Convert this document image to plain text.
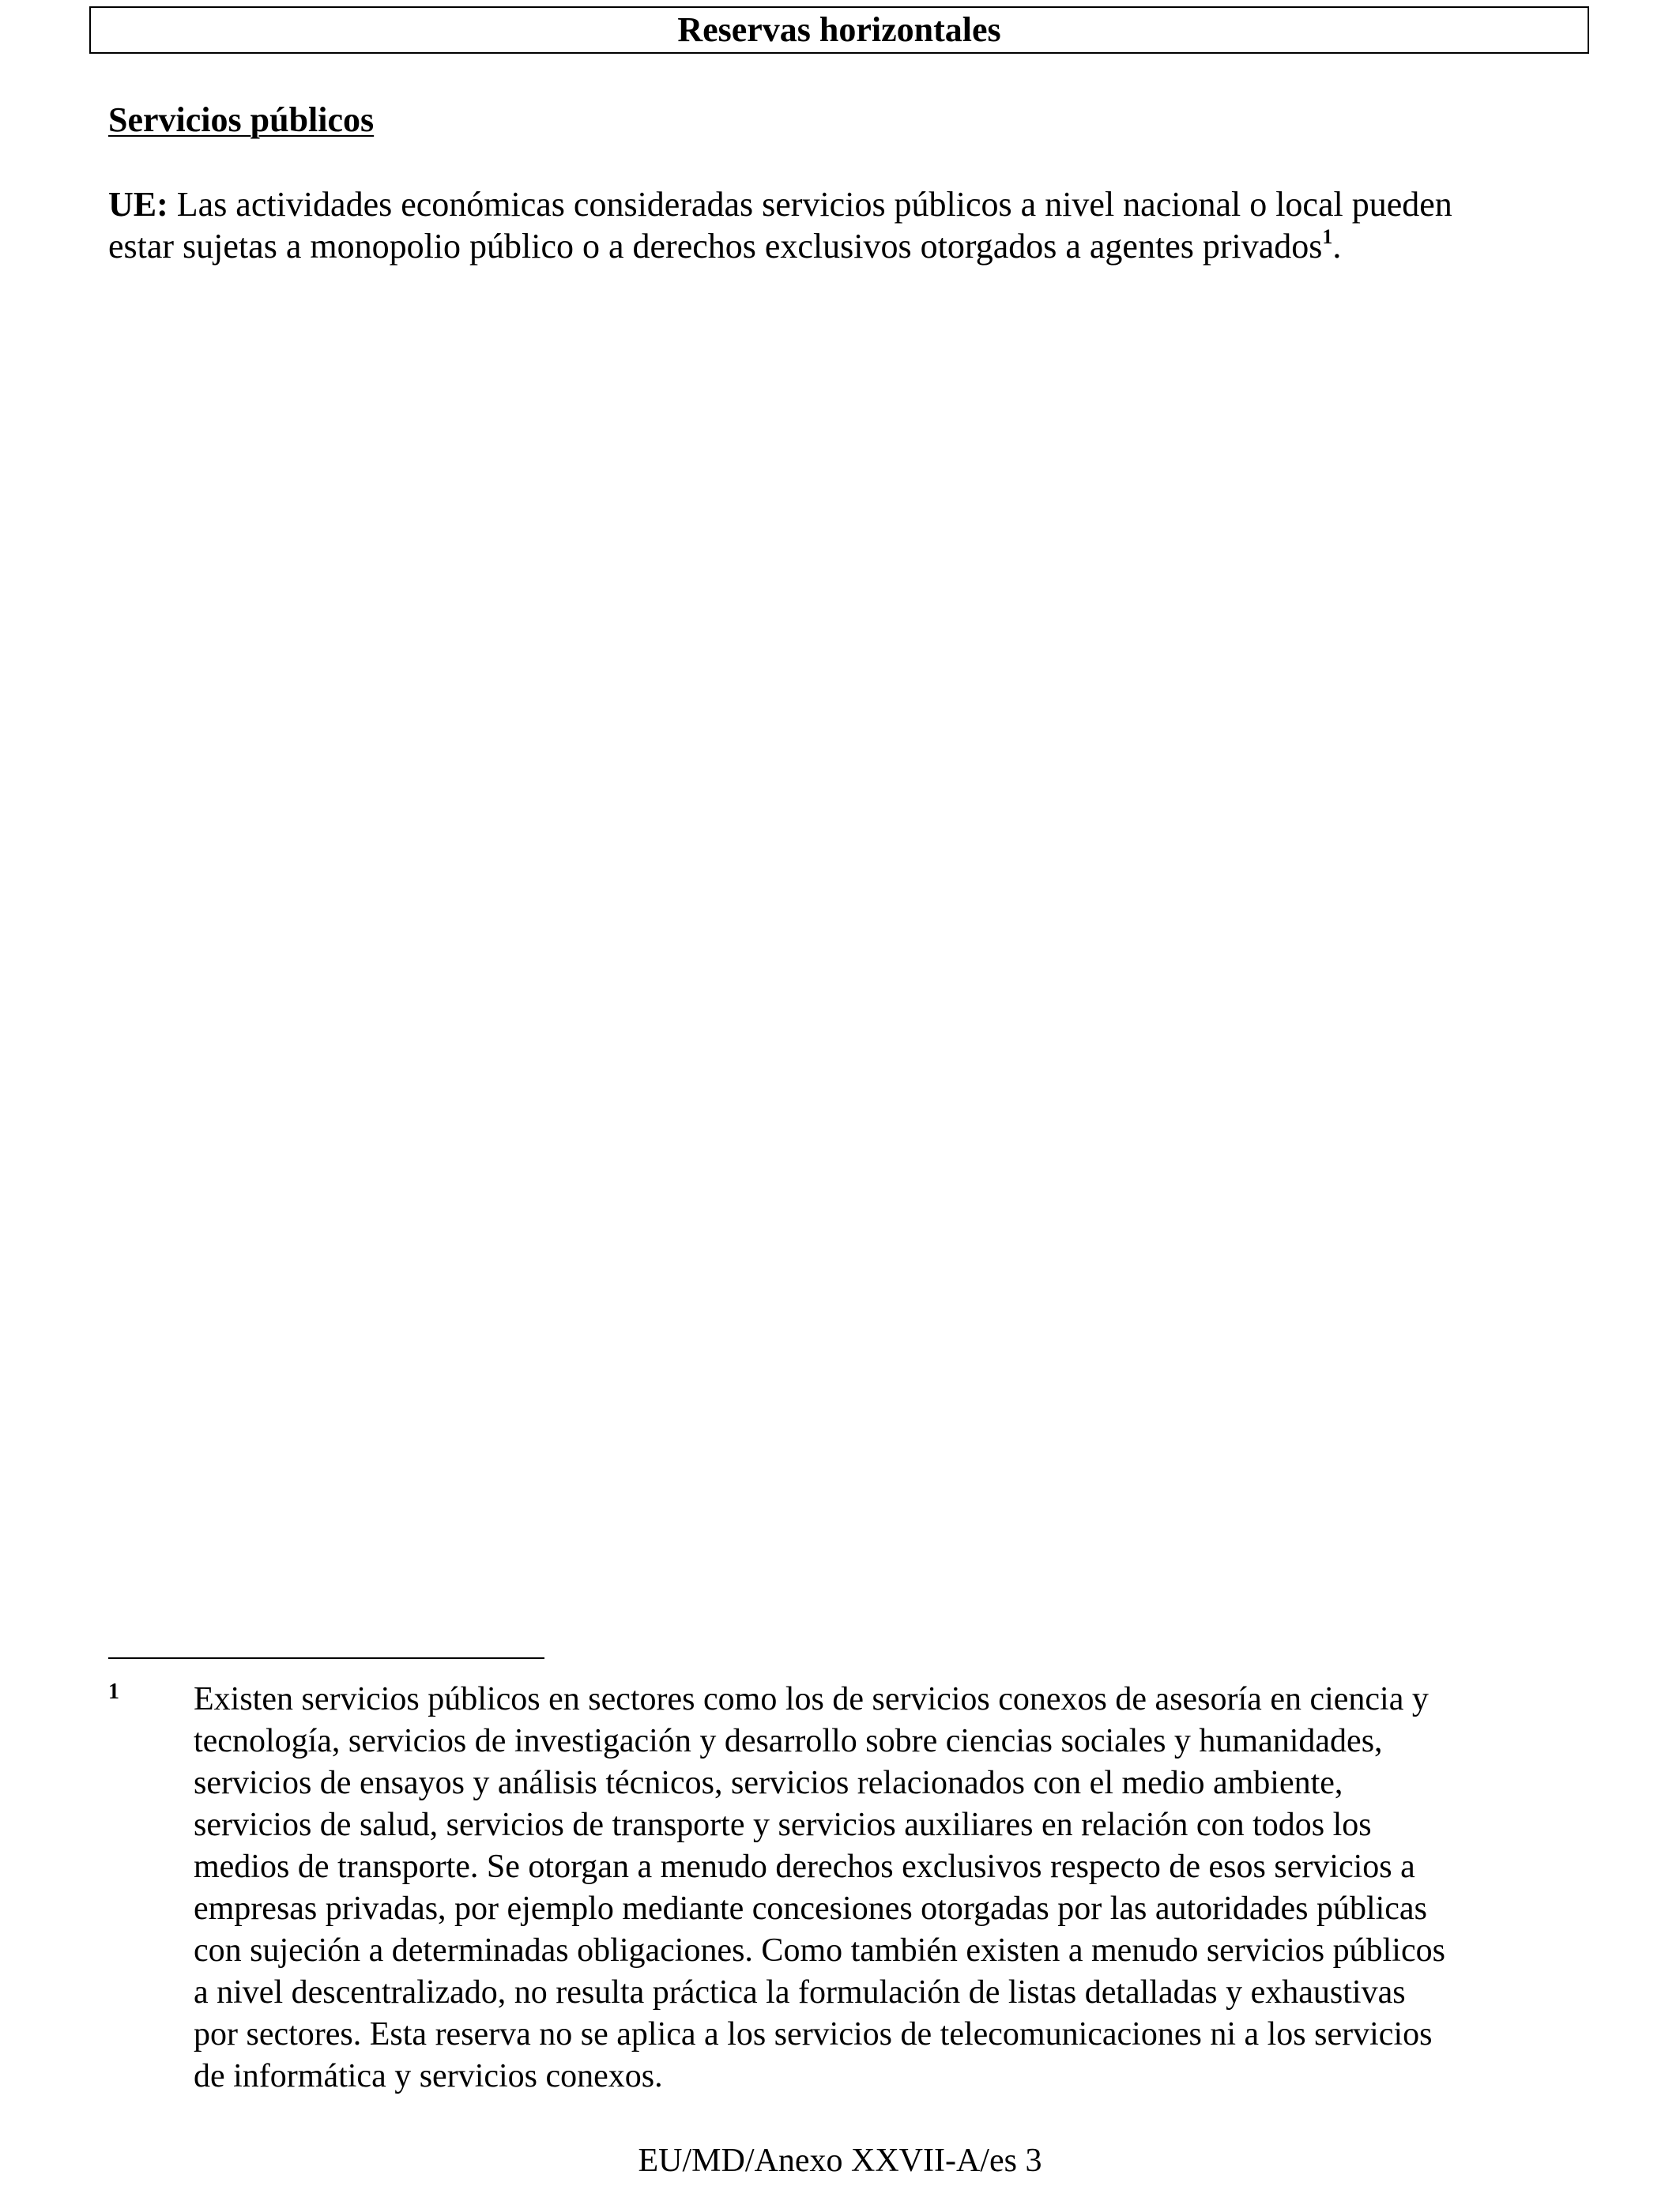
Reservas horizontales
Servicios públicos
UE: Las actividades económicas consideradas servicios públicos a nivel nacional o local pueden
estar sujetas a monopolio público o a derechos exclusivos otorgados a agentes privados$^1$.
1 Existen servicios públicos en sectores como los de servicios conexos de asesoría en ciencia y
tecnología, servicios de investigación y desarrollo sobre ciencias sociales y humanidades,
servicios de ensayos y análisis técnicos, servicios relacionados con el medio ambiente,
servicios de salud, servicios de transporte y servicios auxiliares en relación con todos los
medios de transporte. Se otorgan a menudo derechos exclusivos respecto de esos servicios a
empresas privadas, por ejemplo mediante concesiones otorgadas por las autoridades públicas
con sujeción a determinadas obligaciones. Como también existen a menudo servicios públicos
a nivel descentralizado, no resulta práctica la formulación de listas detalladas y exhaustivas
por sectores. Esta reserva no se aplica a los servicios de telecomunicaciones ni a los servicios
de informática y servicios conexos.
EU/MD/Anexo XXVII-A/es 3
